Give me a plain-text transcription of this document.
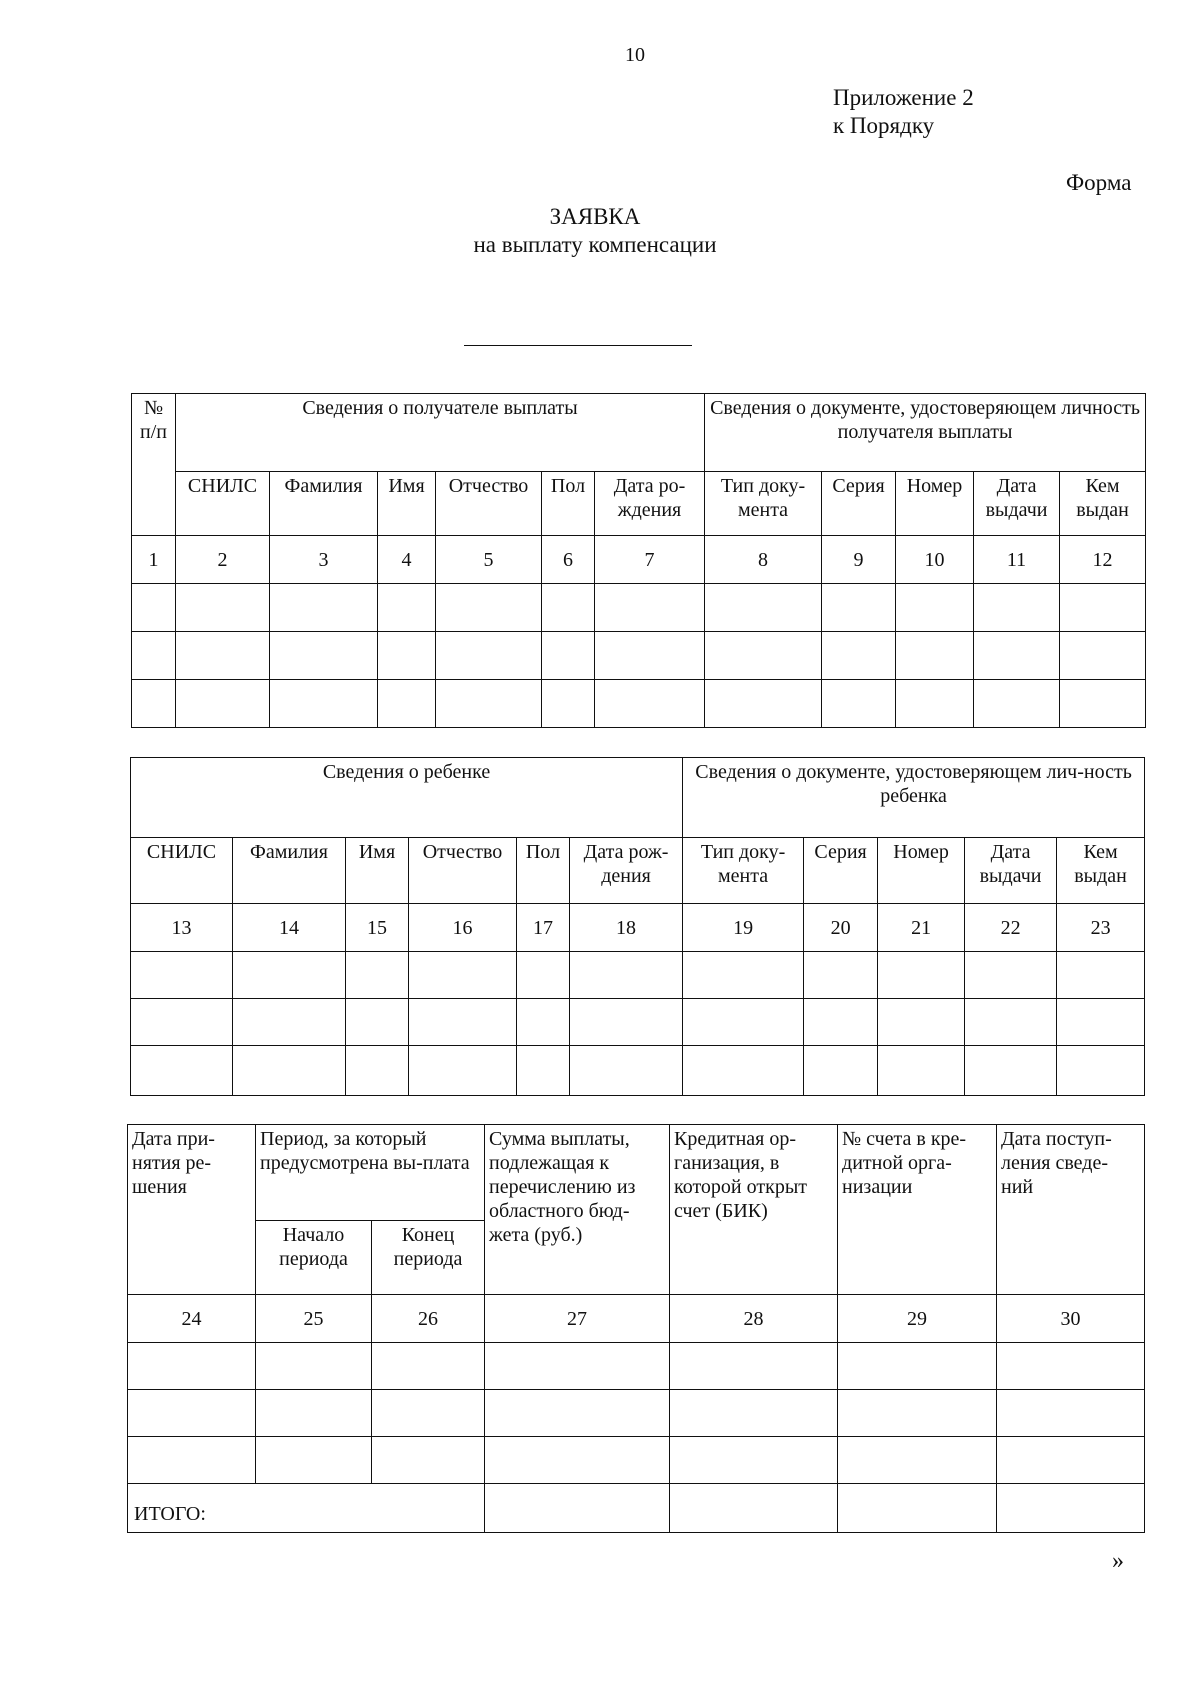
10
Приложение 2
к Порядку
Форма
ЗАЯВКА
на выплату компенсации
№ п/п	Сведения о получателе выплаты						Сведения о документе, удостоверяющем личность получателя выплаты				
	СНИЛС	Фамилия	Имя	Отчество	Пол	Дата ро-ждения	Тип доку-мента	Серия	Номер	Дата выдачи	Кем выдан
1	2	3	4	5	6	7	8	9	10	11	12

Сведения о ребенке						Сведения о документе, удостоверяющем лич-ность ребенка				
СНИЛС	Фамилия	Имя	Отчество	Пол	Дата рож-дения	Тип доку-мента	Серия	Номер	Дата выдачи	Кем выдан
13	14	15	16	17	18	19	20	21	22	23

Дата при-нятия ре-шения	Период, за который предусмотрена вы-плата		Сумма выплаты, подлежащая к перечислению из областного бюд-жета (руб.)	Кредитная ор-ганизация, в которой открыт счет (БИК)	№ счета в кре-дитной орга-низации	Дата поступ-ления сведе-ний
	Начало периода	Конец периода				
24	25	26	27	28	29	30

ИТОГО:						
»
